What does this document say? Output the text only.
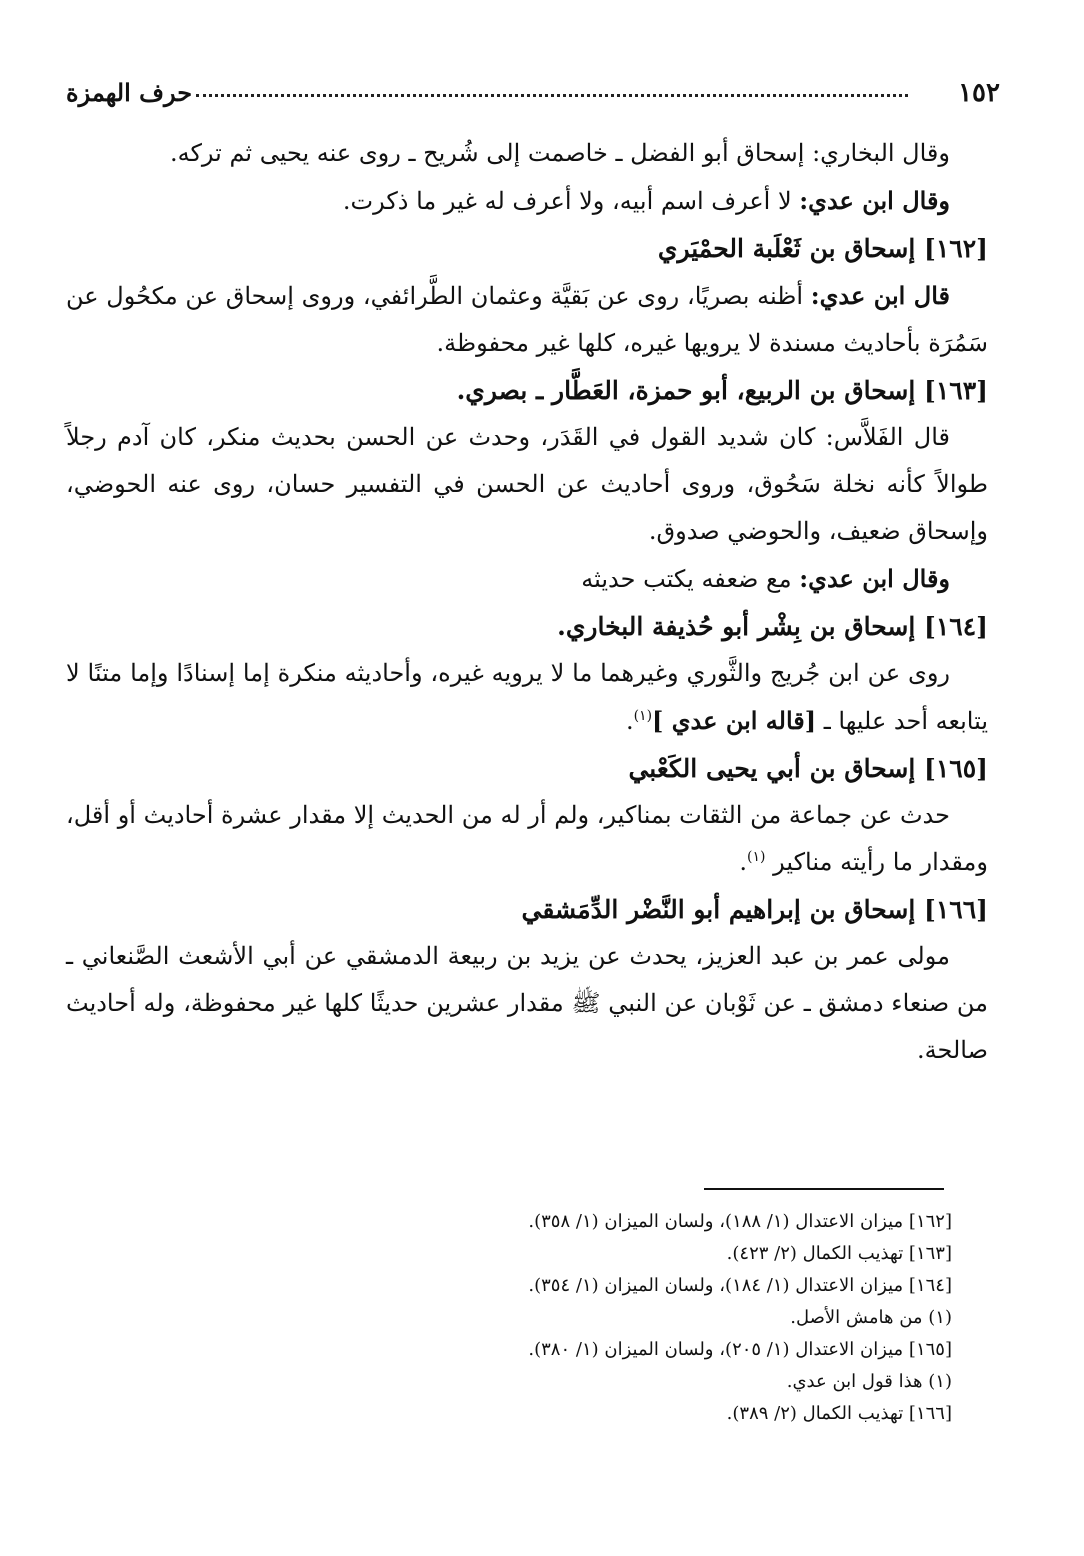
١٥٢
حرف الهمزة

وقال البخاري: إسحاق أبو الفضل ـ خاصمت إلى شُريح ـ روى عنه يحيى ثم تركه.

وقال ابن عدي: لا أعرف اسم أبيه، ولا أعرف له غير ما ذكرت.

[١٦٢] إسحاق بن ثَعْلَبة الحمْيَري

قال ابن عدي: أظنه بصريًا، روى عن بَقيَّة وعثمان الطَّرائفي، وروى إسحاق عن مكحُول عن سَمُرَة بأحاديث مسندة لا يرويها غيره، كلها غير محفوظة.

[١٦٣] إسحاق بن الربيع، أبو حمزة، العَطَّار ـ بصري.

قال الفَلاَّس: كان شديد القول في القَدَر، وحدث عن الحسن بحديث منكر، كان آدم رجلاً طوالاً كأنه نخلة سَحُوق، وروى أحاديث عن الحسن في التفسير حسان، روى عنه الحوضي، وإسحاق ضعيف، والحوضي صدوق.

وقال ابن عدي: مع ضعفه يكتب حديثه

[١٦٤] إسحاق بن بِشْر أبو حُذيفة البخاري.

روى عن ابن جُريج والثَّوري وغيرهما ما لا يرويه غيره، وأحاديثه منكرة إما إسنادًا وإما متنًا لا يتابعه أحد عليها ـ [قاله ابن عدي ]$^{(١)}$.

[١٦٥] إسحاق بن أبي يحيى الكَعْبي

حدث عن جماعة من الثقات بمناكير، ولم أر له من الحديث إلا مقدار عشرة أحاديث أو أقل، ومقدار ما رأيته مناكير $^{(١)}$.

[١٦٦] إسحاق بن إبراهيم أبو النَّضْر الدِّمَشقي

مولى عمر بن عبد العزيز، يحدث عن يزيد بن ربيعة الدمشقي عن أبي الأشعث الصَّنعاني ـ من صنعاء دمشق ـ عن ثَوْبان عن النبي ﷺ مقدار عشرين حديثًا كلها غير محفوظة، وله أحاديث صالحة.

[١٦٢] ميزان الاعتدال (١/ ١٨٨)، ولسان الميزان (١/ ٣٥٨).
[١٦٣] تهذيب الكمال (٢/ ٤٢٣).
[١٦٤] ميزان الاعتدال (١/ ١٨٤)، ولسان الميزان (١/ ٣٥٤).
(١) من هامش الأصل.
[١٦٥] ميزان الاعتدال (١/ ٢٠٥)، ولسان الميزان (١/ ٣٨٠).
(١) هذا قول ابن عدي.
[١٦٦] تهذيب الكمال (٢/ ٣٨٩).
